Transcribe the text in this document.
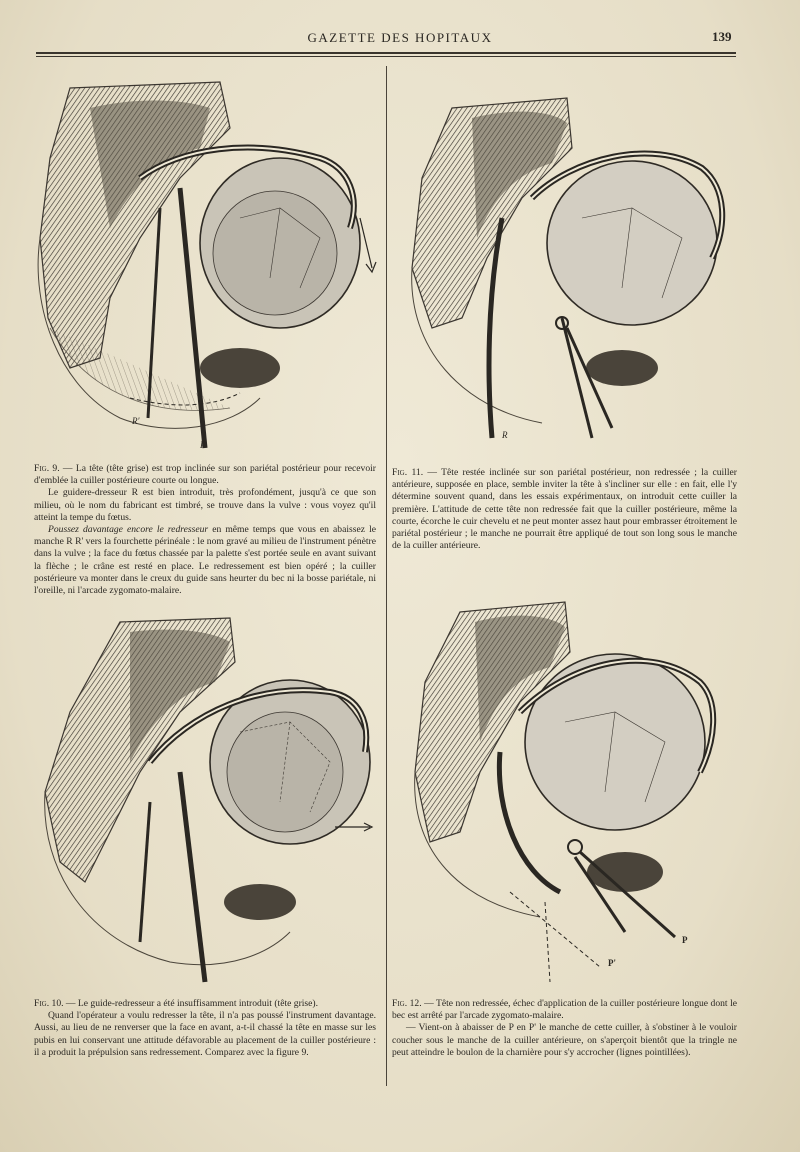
GAZETTE DES HOPITAUX	139
R'
R

Fig. 9. — La tête (tête grise) est trop inclinée sur son pariétal postérieur pour recevoir d'emblée la cuiller postérieure courte ou longue.

Le guidere-dresseur R est bien introduit, très profondément, jusqu'à ce que son milieu, où le nom du fabricant est timbré, se trouve dans la vulve : vous voyez qu'il atteint la tempe du fœtus.

Poussez davantage encore le redresseur en même temps que vous en abaissez le manche R R' vers la fourchette périnéale : le nom gravé au milieu de l'instrument pénètre dans la vulve ; la face du fœtus chassée par la palette s'est portée seule en avant suivant la flèche ; le crâne est resté en place. Le redressement est bien opéré ; la cuiller postérieure va monter dans le creux du guide sans heurter du bec ni la bosse pariétale, ni l'oreille, ni l'arcade zygomato-malaire.

Fig. 10. — Le guide-redresseur a été insuffisamment introduit (tête grise).

Quand l'opérateur a voulu redresser la tête, il n'a pas poussé l'instrument davantage. Aussi, au lieu de ne renverser que la face en avant, a-t-il chassé la tête en masse sur les pubis en lui conservant une attitude défavorable au placement de la cuiller postérieure : il a produit la prépulsion sans redressement. Comparez avec la figure 9.

R

Fig. 11. — Tête restée inclinée sur son pariétal postérieur, non redressée ; la cuiller antérieure, supposée en place, semble inviter la tête à s'incliner sur elle : en fait, elle l'y détermine souvent quand, dans les essais expérimentaux, on introduit cette cuiller la première. L'attitude de cette tête non redressée fait que la cuiller postérieure, même la courte, écorche le cuir chevelu et ne peut monter assez haut pour embrasser étroitement le pariétal postérieur ; le manche ne pourrait être appliqué de tout son long sous le manche de la cuiller antérieure.

P
P'

Fig. 12. — Tête non redressée, échec d'application de la cuiller postérieure longue dont le bec est arrêté par l'arcade zygomato-malaire.

— Vient-on à abaisser de P en P' le manche de cette cuiller, à s'obstiner à le vouloir coucher sous le manche de la cuiller antérieure, on s'aperçoit bientôt que la tringle ne peut atteindre le boulon de la charnière pour s'y accrocher (lignes pointillées).
